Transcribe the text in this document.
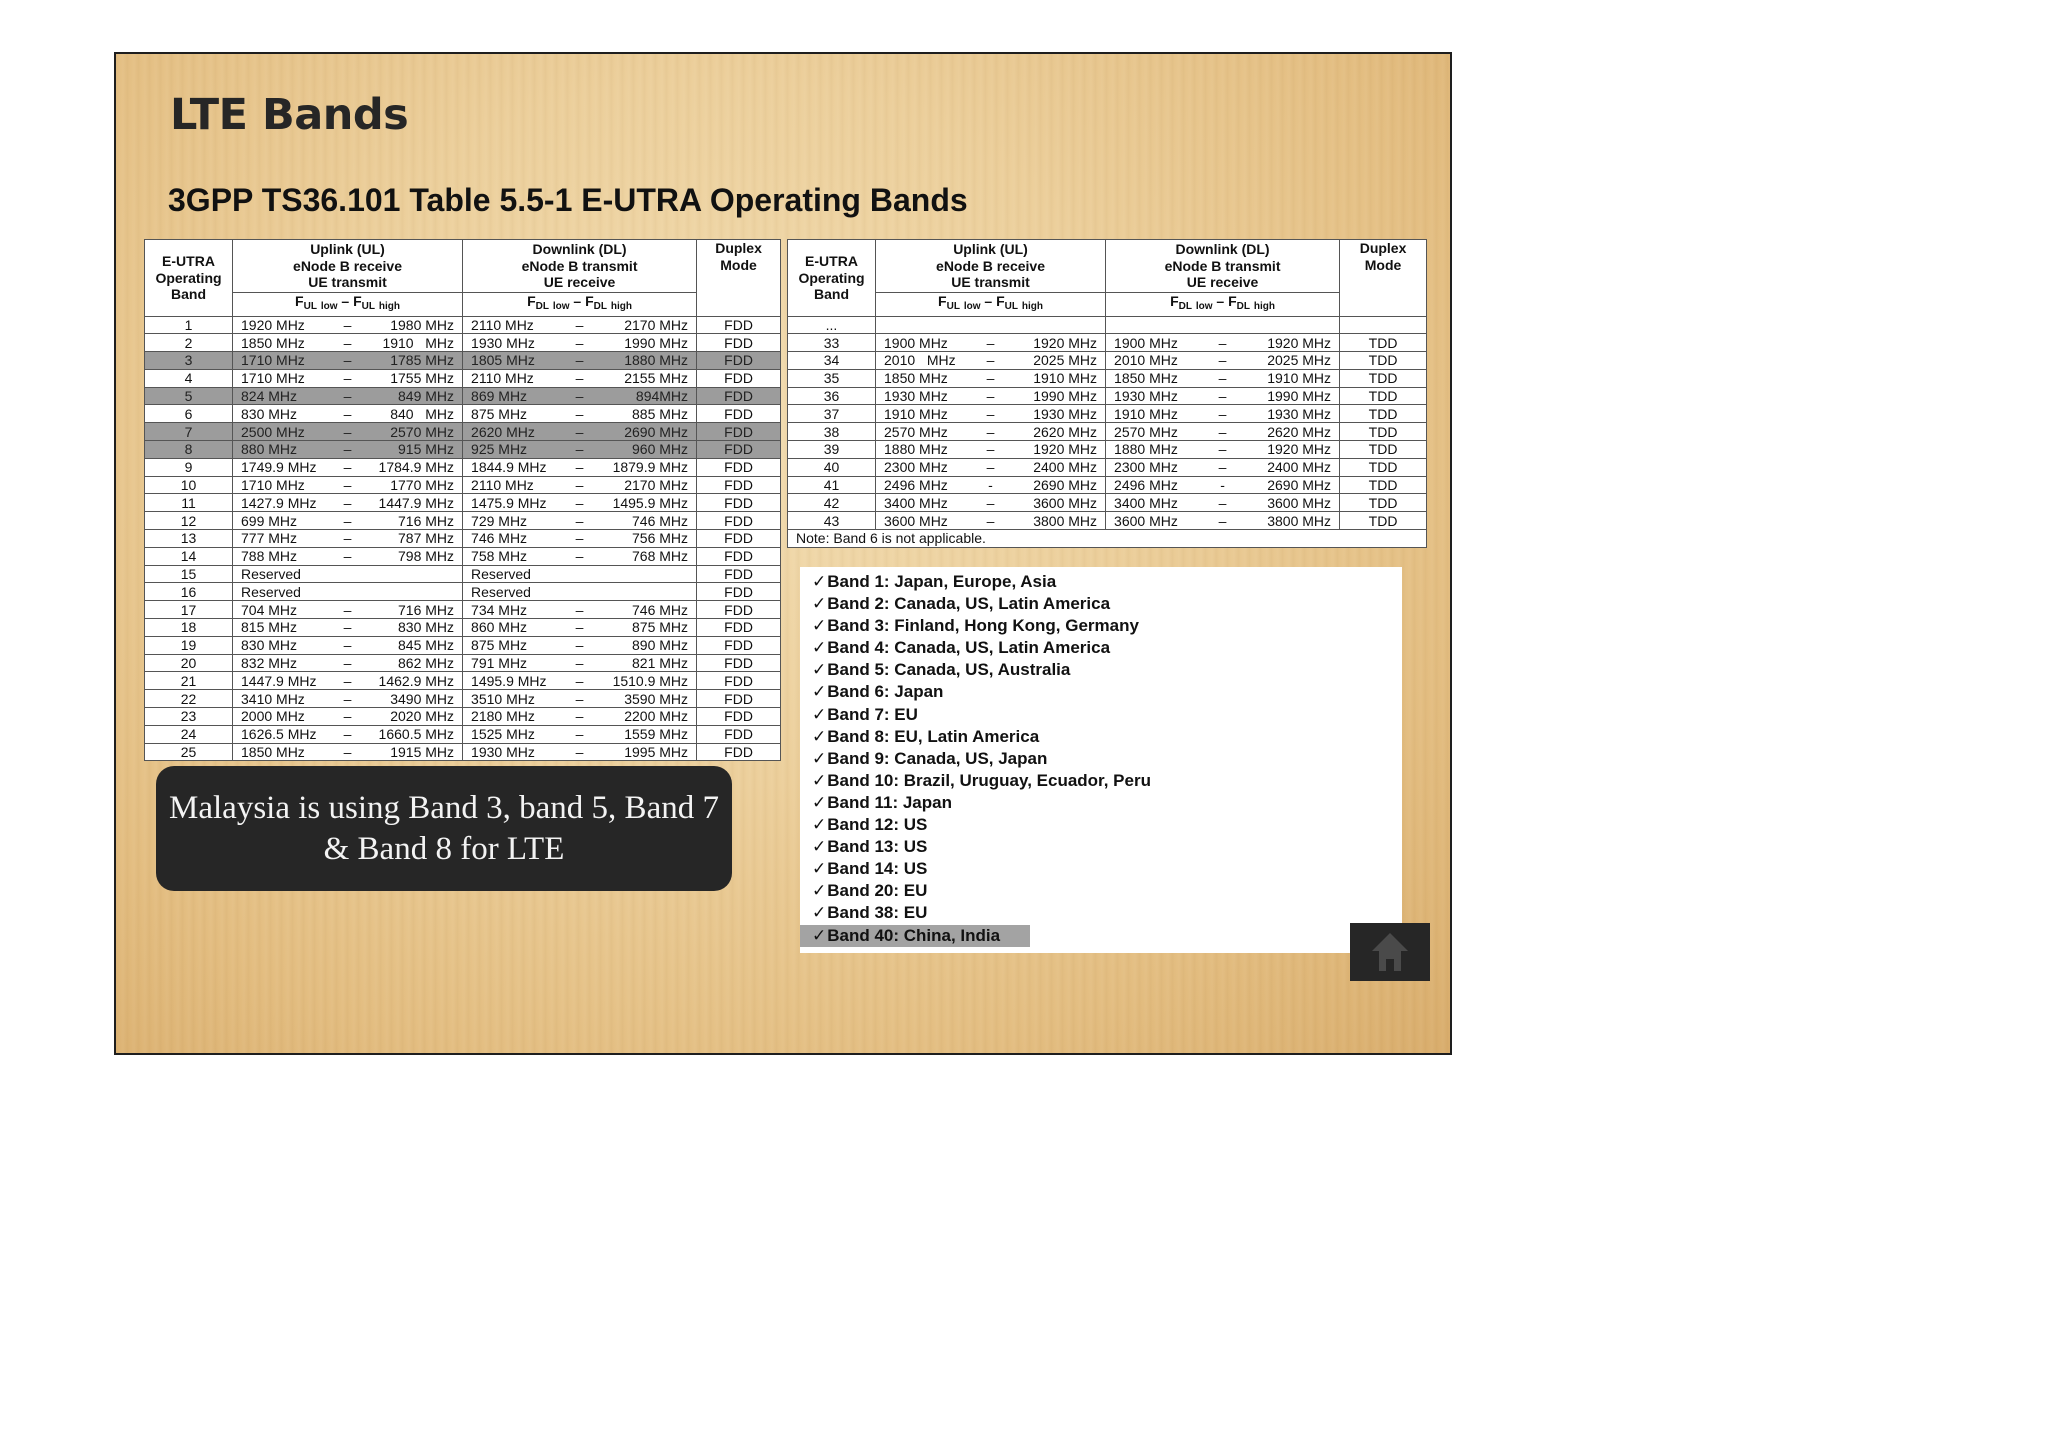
LTE Bands
3GPP TS36.101 Table 5.5-1 E-UTRA Operating Bands
E-UTRA
Operating
Band	Uplink (UL)
eNode B receive
UE transmit			Downlink (DL)
eNode B transmit
UE receive			Duplex
Mode
	$F_{UL}$ $_{low} - F_{UL}$ $_{high}$			$F_{DL}$ $_{low} - F_{DL}$ $_{high}$
1	1920 MHz	–	1980 MHz	2110 MHz	–	2170 MHz	FDD
2	1850 MHz	–	1910   MHz	1930 MHz	–	1990 MHz	FDD
3	1710 MHz	–	1785 MHz	1805 MHz	–	1880 MHz	FDD
4	1710 MHz	–	1755 MHz	2110 MHz	–	2155 MHz	FDD
5	824 MHz	–	849 MHz	869 MHz	–	894MHz	FDD
6	830 MHz	–	840   MHz	875 MHz	–	885 MHz	FDD
7	2500 MHz	–	2570 MHz	2620 MHz	–	2690 MHz	FDD
8	880 MHz	–	915 MHz	925 MHz	–	960 MHz	FDD
9	1749.9 MHz	–	1784.9 MHz	1844.9 MHz	–	1879.9 MHz	FDD
10	1710 MHz	–	1770 MHz	2110 MHz	–	2170 MHz	FDD
11	1427.9 MHz	–	1447.9 MHz	1475.9 MHz	–	1495.9 MHz	FDD
12	699 MHz	–	716 MHz	729 MHz	–	746 MHz	FDD
13	777 MHz	–	787 MHz	746 MHz	–	756 MHz	FDD
14	788 MHz	–	798 MHz	758 MHz	–	768 MHz	FDD
15	Reserved			Reserved			FDD
16	Reserved			Reserved			FDD
17	704 MHz	–	716 MHz	734 MHz	–	746 MHz	FDD
18	815 MHz	–	830 MHz	860 MHz	–	875 MHz	FDD
19	830 MHz	–	845 MHz	875 MHz	–	890 MHz	FDD
20	832 MHz	–	862 MHz	791 MHz	–	821 MHz	FDD
21	1447.9 MHz	–	1462.9 MHz	1495.9 MHz	–	1510.9 MHz	FDD
22	3410 MHz	–	3490 MHz	3510 MHz	–	3590 MHz	FDD
23	2000 MHz	–	2020 MHz	2180 MHz	–	2200 MHz	FDD
24	1626.5 MHz	–	1660.5 MHz	1525 MHz	–	1559 MHz	FDD
25	1850 MHz	–	1915 MHz	1930 MHz	–	1995 MHz	FDD
E-UTRA
Operating
Band	Uplink (UL)
eNode B receive
UE transmit			Downlink (DL)
eNode B transmit
UE receive			Duplex
Mode
	$F_{UL}$ $_{low} - F_{UL}$ $_{high}$			$F_{DL}$ $_{low} - F_{DL}$ $_{high}$
...							
33	1900 MHz	–	1920 MHz	1900 MHz	–	1920 MHz	TDD
34	2010   MHz	–	2025 MHz	2010 MHz	–	2025 MHz	TDD
35	1850 MHz	–	1910 MHz	1850 MHz	–	1910 MHz	TDD
36	1930 MHz	–	1990 MHz	1930 MHz	–	1990 MHz	TDD
37	1910 MHz	–	1930 MHz	1910 MHz	–	1930 MHz	TDD
38	2570 MHz	–	2620 MHz	2570 MHz	–	2620 MHz	TDD
39	1880 MHz	–	1920 MHz	1880 MHz	–	1920 MHz	TDD
40	2300 MHz	–	2400 MHz	2300 MHz	–	2400 MHz	TDD
41	2496 MHz	-	2690 MHz	2496 MHz	-	2690 MHz	TDD
42	3400 MHz	–	3600 MHz	3400 MHz	–	3600 MHz	TDD
43	3600 MHz	–	3800 MHz	3600 MHz	–	3800 MHz	TDD
Note: Band 6 is not applicable.							
Malaysia is using Band 3, band 5, Band 7 & Band 8 for LTE
✓Band 1: Japan, Europe, Asia
✓Band 2: Canada, US, Latin America
✓Band 3: Finland, Hong Kong, Germany
✓Band 4: Canada, US, Latin America
✓Band 5: Canada, US, Australia
✓Band 6: Japan
✓Band 7: EU
✓Band 8: EU, Latin America
✓Band 9: Canada, US, Japan
✓Band 10: Brazil, Uruguay, Ecuador, Peru
✓Band 11: Japan
✓Band 12: US
✓Band 13: US
✓Band 14: US
✓Band 20: EU
✓Band 38: EU
✓Band 40: China, India
